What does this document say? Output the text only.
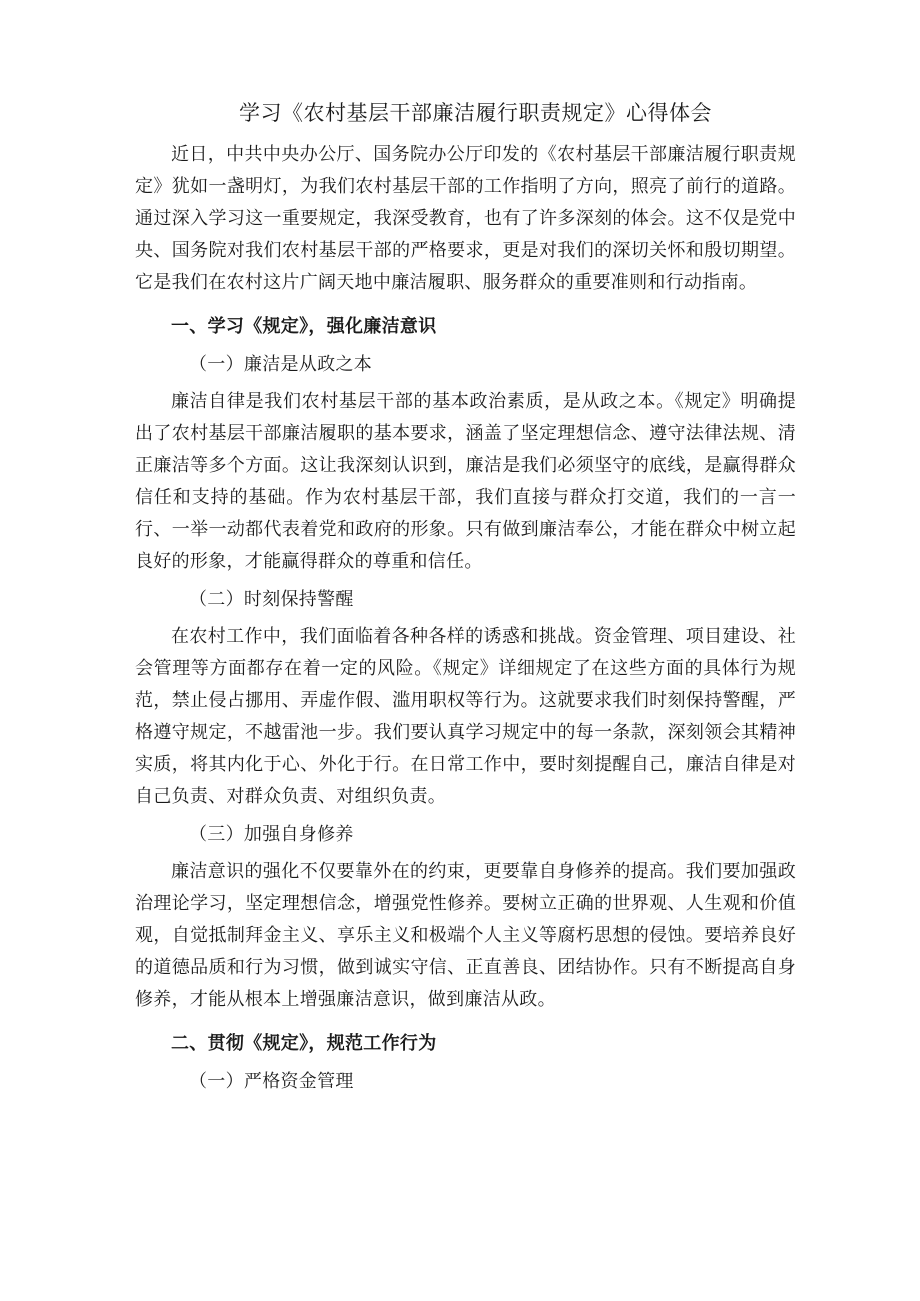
学习《农村基层干部廉洁履行职责规定》心得体会

近日，中共中央办公厅、国务院办公厅印发的《农村基层干部廉洁履行职责规定》犹如一盏明灯，为我们农村基层干部的工作指明了方向，照亮了前行的道路。通过深入学习这一重要规定，我深受教育，也有了许多深刻的体会。这不仅是党中央、国务院对我们农村基层干部的严格要求，更是对我们的深切关怀和殷切期望。它是我们在农村这片广阔天地中廉洁履职、服务群众的重要准则和行动指南。

一、学习《规定》，强化廉洁意识
（一）廉洁是从政之本

廉洁自律是我们农村基层干部的基本政治素质，是从政之本。《规定》明确提出了农村基层干部廉洁履职的基本要求，涵盖了坚定理想信念、遵守法律法规、清正廉洁等多个方面。这让我深刻认识到，廉洁是我们必须坚守的底线，是赢得群众信任和支持的基础。作为农村基层干部，我们直接与群众打交道，我们的一言一行、一举一动都代表着党和政府的形象。只有做到廉洁奉公，才能在群众中树立起良好的形象，才能赢得群众的尊重和信任。

（二）时刻保持警醒

在农村工作中，我们面临着各种各样的诱惑和挑战。资金管理、项目建设、社会管理等方面都存在着一定的风险。《规定》详细规定了在这些方面的具体行为规范，禁止侵占挪用、弄虚作假、滥用职权等行为。这就要求我们时刻保持警醒，严格遵守规定，不越雷池一步。我们要认真学习规定中的每一条款，深刻领会其精神实质，将其内化于心、外化于行。在日常工作中，要时刻提醒自己，廉洁自律是对自己负责、对群众负责、对组织负责。

（三）加强自身修养

廉洁意识的强化不仅要靠外在的约束，更要靠自身修养的提高。我们要加强政治理论学习，坚定理想信念，增强党性修养。要树立正确的世界观、人生观和价值观，自觉抵制拜金主义、享乐主义和极端个人主义等腐朽思想的侵蚀。要培养良好的道德品质和行为习惯，做到诚实守信、正直善良、团结协作。只有不断提高自身修养，才能从根本上增强廉洁意识，做到廉洁从政。

二、贯彻《规定》，规范工作行为
（一）严格资金管理
